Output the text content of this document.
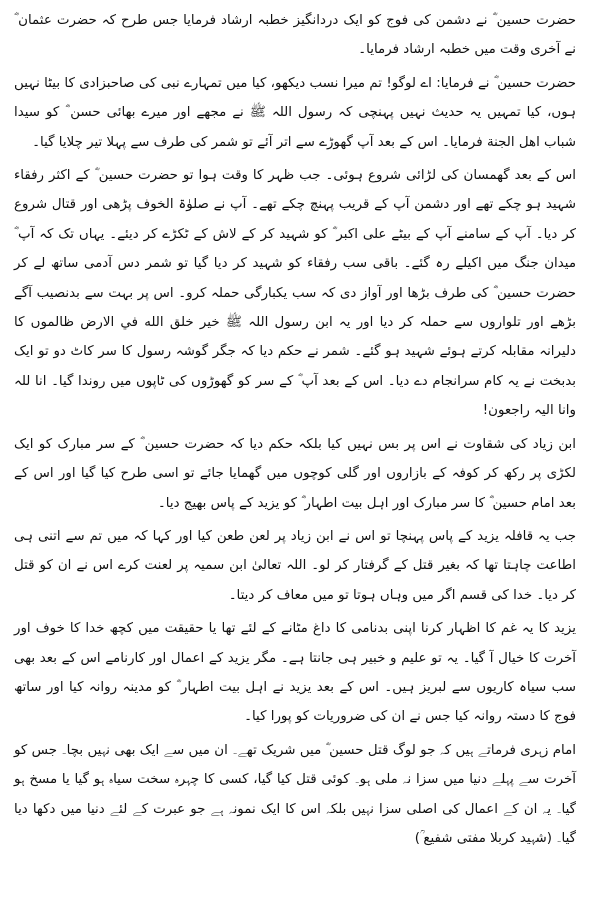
حضرت حسین ؓ نے دشمن کی فوج کو ایک دردانگیز خطبہ ارشاد فرمایا جس طرح کہ حضرت عثمان ؓ نے آخری وقت میں خطبہ ارشاد فرمایا۔

حضرت حسین ؓ نے فرمایا: اے لوگو! تم میرا نسب دیکھو، کیا میں تمہارے نبی کی صاحبزادی کا بیٹا نہیں ہوں، کیا تمہیں یہ حدیث نہیں پہنچی کہ رسول اللہ ﷺ نے مجھے اور میرے بھائی حسن ؓ کو سیدا شباب اهل الجنة فرمایا۔ اس کے بعد آپ گھوڑے سے اتر آئے تو شمر کی طرف سے پہلا تیر چلایا گیا۔

اس کے بعد گھمسان کی لڑائی شروع ہوئی۔ جب ظہر کا وقت ہوا تو حضرت حسین ؓ کے اکثر رفقاء شہید ہو چکے تھے اور دشمن آپ کے قریب پہنچ چکے تھے۔ آپ نے صلوٰۃ الخوف پڑھی اور قتال شروع کر دیا۔ آپ کے سامنے آپ کے بیٹے علی اکبر ؓ کو شہید کر کے لاش کے ٹکڑے کر دیئے۔ یہاں تک کہ آپ ؓ میدان جنگ میں اکیلے رہ گئے۔ باقی سب رفقاء کو شہید کر دیا گیا تو شمر دس آدمی ساتھ لے کر حضرت حسین ؓ کی طرف بڑھا اور آواز دی کہ سب یکبارگی حملہ کرو۔ اس پر بہت سے بدنصیب آگے بڑھے اور تلواروں سے حملہ کر دیا اور یہ ابن رسول اللہ ﷺ خیر خلق الله في الارض ظالموں کا دلیرانہ مقابلہ کرتے ہوئے شہید ہو گئے۔ شمر نے حکم دیا کہ جگر گوشہ رسول کا سر کاٹ دو تو ایک بدبخت نے یہ کام سرانجام دے دیا۔ اس کے بعد آپ ؓ کے سر کو گھوڑوں کی ٹاپوں میں روندا گیا۔ انا للہ وانا الیہ راجعون!

ابن زیاد کی شقاوت نے اس پر بس نہیں کیا بلکہ حکم دیا کہ حضرت حسین ؓ کے سر مبارک کو ایک لکڑی پر رکھ کر کوفہ کے بازاروں اور گلی کوچوں میں گھمایا جائے تو اسی طرح کیا گیا اور اس کے بعد امام حسین ؓ کا سر مبارک اور اہل بیت اطہار ؓ کو یزید کے پاس بھیج دیا۔

جب یہ قافلہ یزید کے پاس پہنچا تو اس نے ابن زیاد پر لعن طعن کیا اور کہا کہ میں تم سے اتنی ہی اطاعت چاہتا تھا کہ بغیر قتل کے گرفتار کر لو۔ اللہ تعالیٰ ابن سمیہ پر لعنت کرے اس نے ان کو قتل کر دیا۔ خدا کی قسم اگر میں وہاں ہوتا تو میں معاف کر دیتا۔

یزید کا یہ غم کا اظہار کرنا اپنی بدنامی کا داغ مٹانے کے لئے تھا یا حقیقت میں کچھ خدا کا خوف اور آخرت کا خیال آ گیا۔ یہ تو علیم و خبیر ہی جانتا ہے۔ مگر یزید کے اعمال اور کارنامے اس کے بعد بھی سب سیاہ کاریوں سے لبریز ہیں۔ اس کے بعد یزید نے اہل بیت اطہار ؓ کو مدینہ روانہ کیا اور ساتھ فوج کا دستہ روانہ کیا جس نے ان کی ضروریات کو پورا کیا۔

امام زہری فرماتے ہیں کہ جو لوگ قتل حسین ؓ میں شریک تھے۔ ان میں سے ایک بھی نہیں بچا۔ جس کو آخرت سے پہلے دنیا میں سزا نہ ملی ہو۔ کوئی قتل کیا گیا، کسی کا چہرہ سخت سیاہ ہو گیا یا مسخ ہو گیا۔ یہ ان کے اعمال کی اصلی سزا نہیں بلکہ اس کا ایک نمونہ ہے جو عبرت کے لئے دنیا میں دکھا دیا گیا۔ (شہید کربلا مفتی شفیع ؒ)
